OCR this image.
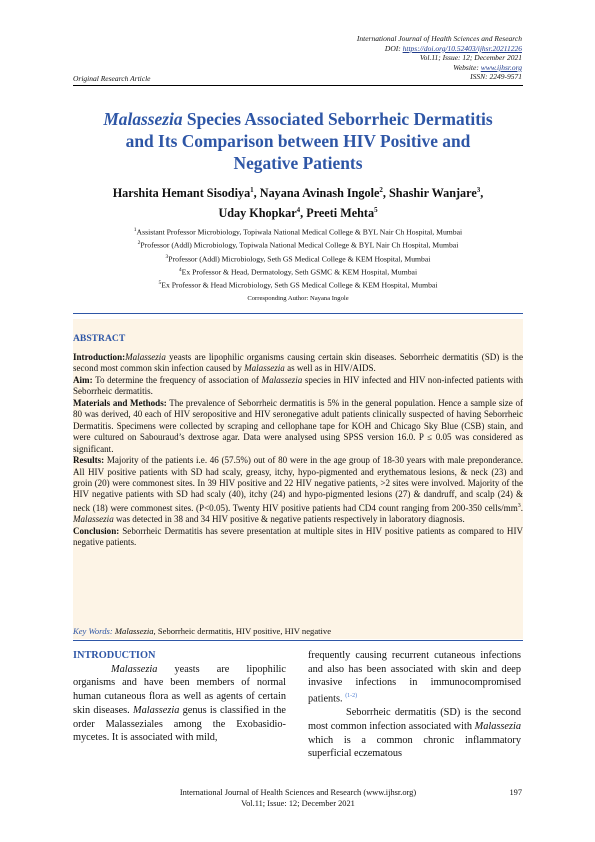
International Journal of Health Sciences and Research
DOI: https://doi.org/10.52403/ijhsr.20211226
Vol.11; Issue: 12; December 2021
Website: www.ijhsr.org
ISSN: 2249-9571
Original Research Article
Malassezia Species Associated Seborrheic Dermatitis
and Its Comparison between HIV Positive and
Negative Patients
Harshita Hemant Sisodiya$^1$, Nayana Avinash Ingole$^2$, Shashir Wanjare$^3$,
Uday Khopkar$^4$, Preeti Mehta$^5$
$^1$Assistant Professor Microbiology, Topiwala National Medical College & BYL Nair Ch Hospital, Mumbai
$^2$Professor (Addl) Microbiology, Topiwala National Medical College & BYL Nair Ch Hospital, Mumbai
$^3$Professor (Addl) Microbiology, Seth GS Medical College & KEM Hospital, Mumbai
$^4$Ex Professor & Head, Dermatology, Seth GSMC & KEM Hospital, Mumbai
$^5$Ex Professor & Head Microbiology, Seth GS Medical College & KEM Hospital, Mumbai
Corresponding Author: Nayana Ingole
ABSTRACT

Introduction:Malassezia yeasts are lipophilic organisms causing certain skin diseases. Seborrheic dermatitis (SD) is the second most common skin infection caused by Malassezia as well as in HIV/AIDS.

Aim: To determine the frequency of association of Malassezia species in HIV infected and HIV non-infected patients with Seborrheic dermatitis.

Materials and Methods: The prevalence of Seborrheic dermatitis is 5% in the general population. Hence a sample size of 80 was derived, 40 each of HIV seropositive and HIV seronegative adult patients clinically suspected of having Seborrheic Dermatitis. Specimens were collected by scraping and cellophane tape for KOH and Chicago Sky Blue (CSB) stain, and were cultured on Sabouraud’s dextrose agar. Data were analysed using SPSS version 16.0. P ≤ 0.05 was considered as significant.

Results: Majority of the patients i.e. 46 (57.5%) out of 80 were in the age group of 18-30 years with male preponderance. All HIV positive patients with SD had scaly, greasy, itchy, hypo-pigmented and erythematous lesions, & neck (23) and groin (20) were commonest sites. In 39 HIV positive and 22 HIV negative patients, >2 sites were involved. Majority of the HIV negative patients with SD had scaly (40), itchy (24) and hypo-pigmented lesions (27) & dandruff, and scalp (24) & neck (18) were commonest sites. (P<0.05). Twenty HIV positive patients had CD4 count ranging from 200-350 cells/$mm^3$. Malassezia was detected in 38 and 34 HIV positive & negative patients respectively in laboratory diagnosis.

Conclusion: Seborrheic Dermatitis has severe presentation at multiple sites in HIV positive patients as compared to HIV negative patients.

Key Words: Malassezia, Seborrheic dermatitis, HIV positive, HIV negative
INTRODUCTION

Malassezia yeasts are lipophilic organisms and have been members of normal human cutaneous flora as well as agents of certain skin diseases. Malassezia genus is classified in the order Malasseziales among the Exobasidio-mycetes. It is associated with mild,

frequently causing recurrent cutaneous infections and also has been associated with skin and deep invasive infections in immunocompromised patients. $^{(1-2)}$

Seborrheic dermatitis (SD) is the second most common infection associated with Malassezia which is a common chronic inflammatory superficial eczematous

International Journal of Health Sciences and Research (www.ijhsr.org)
Vol.11; Issue: 12; December 2021
197
